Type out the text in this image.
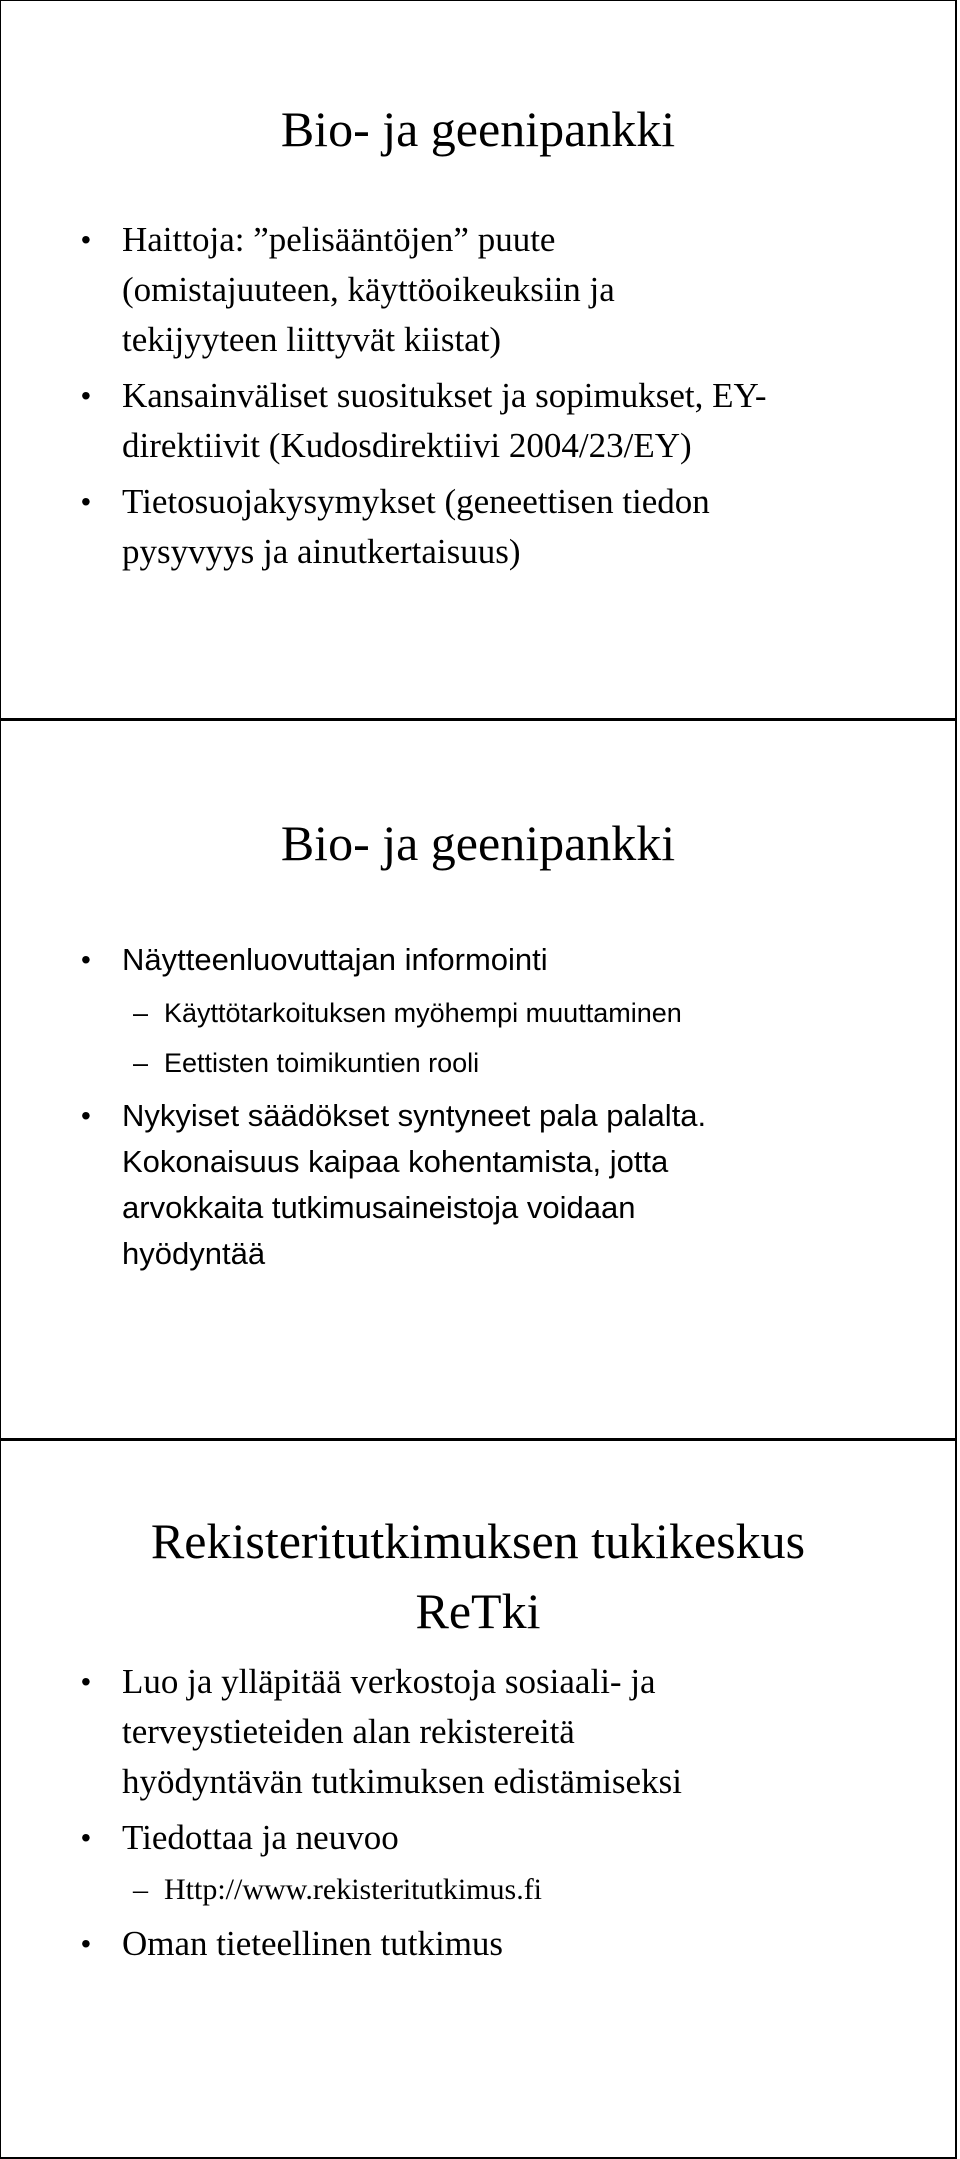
Bio- ja geenipankki
• Haittoja: ”pelisääntöjen” puute
(omistajuuteen, käyttöoikeuksiin ja
tekijyyteen liittyvät kiistat)
• Kansainväliset suositukset ja sopimukset, EY-
direktiivit (Kudosdirektiivi 2004/23/EY)
• Tietosuojakysymykset (geneettisen tiedon
pysyvyys ja ainutkertaisuus)
Bio- ja geenipankki
• Näytteenluovuttajan informointi
– Käyttötarkoituksen myöhempi muuttaminen
– Eettisten toimikuntien rooli
• Nykyiset säädökset syntyneet pala palalta.
Kokonaisuus kaipaa kohentamista, jotta
arvokkaita tutkimusaineistoja voidaan
hyödyntää
Rekisteritutkimuksen tukikeskus
ReTki
• Luo ja ylläpitää verkostoja sosiaali- ja
terveystieteiden alan rekistereitä
hyödyntävän tutkimuksen edistämiseksi
• Tiedottaa ja neuvoo
– Http://www.rekisteritutkimus.fi
• Oman tieteellinen tutkimus
